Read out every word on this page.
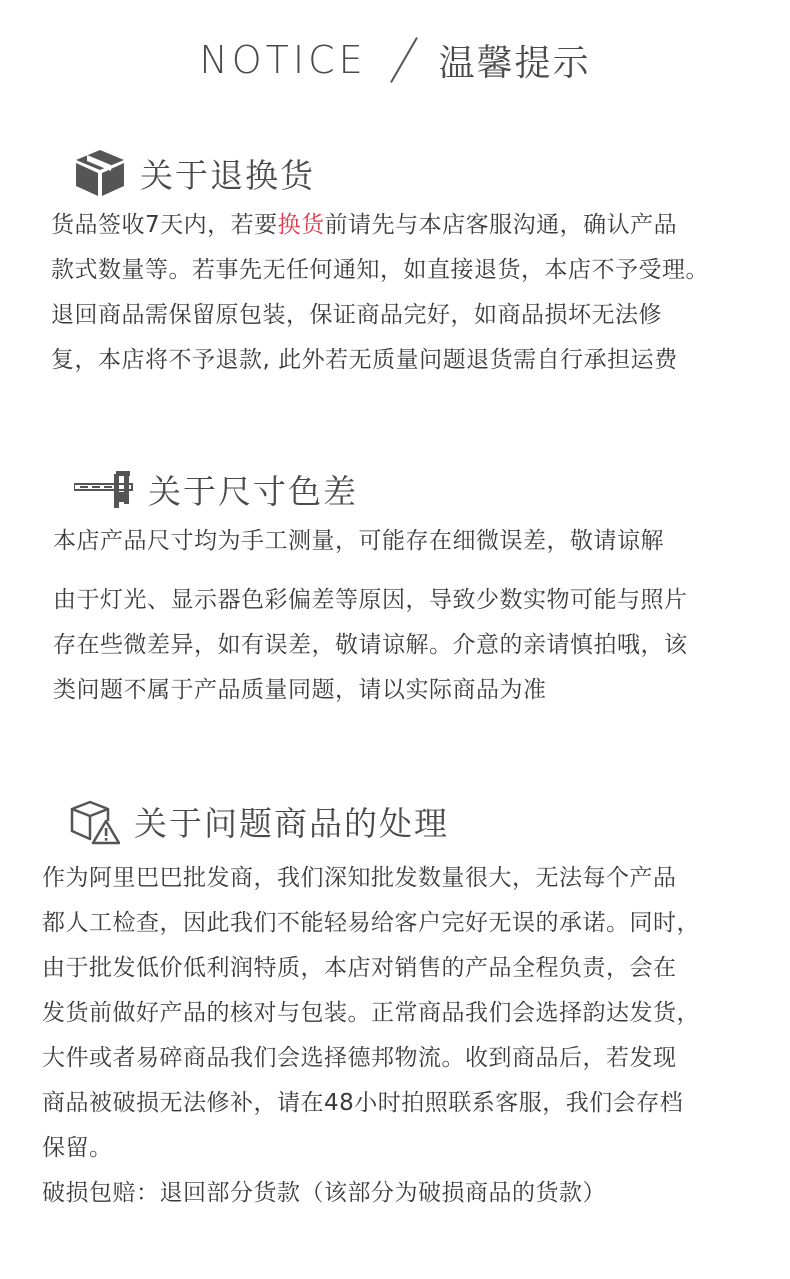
NOTICE 温馨提示
关于退换货

货品签收7天内，若要换货前请先与本店客服沟通，确认产品

款式数量等。若事先无任何通知，如直接退货，本店不予受理。

退回商品需保留原包装，保证商品完好，如商品损坏无法修

复，本店将不予退款, 此外若无质量问题退货需自行承担运费

关于尺寸色差

本店产品尺寸均为手工测量，可能存在细微误差，敬请谅解

由于灯光、显示器色彩偏差等原因，导致少数实物可能与照片

存在些微差异，如有误差，敬请谅解。介意的亲请慎拍哦，该

类问题不属于产品质量同题，请以实际商品为准

关于问题商品的处理

作为阿里巴巴批发商，我们深知批发数量很大，无法每个产品

都人工检查，因此我们不能轻易给客户完好无误的承诺。同时，

由于批发低价低利润特质，本店对销售的产品全程负责，会在

发货前做好产品的核对与包装。正常商品我们会选择韵达发货，

大件或者易碎商品我们会选择德邦物流。收到商品后，若发现

商品被破损无法修补，请在48小时拍照联系客服，我们会存档

保留。

破损包赔：退回部分货款（该部分为破损商品的货款）
